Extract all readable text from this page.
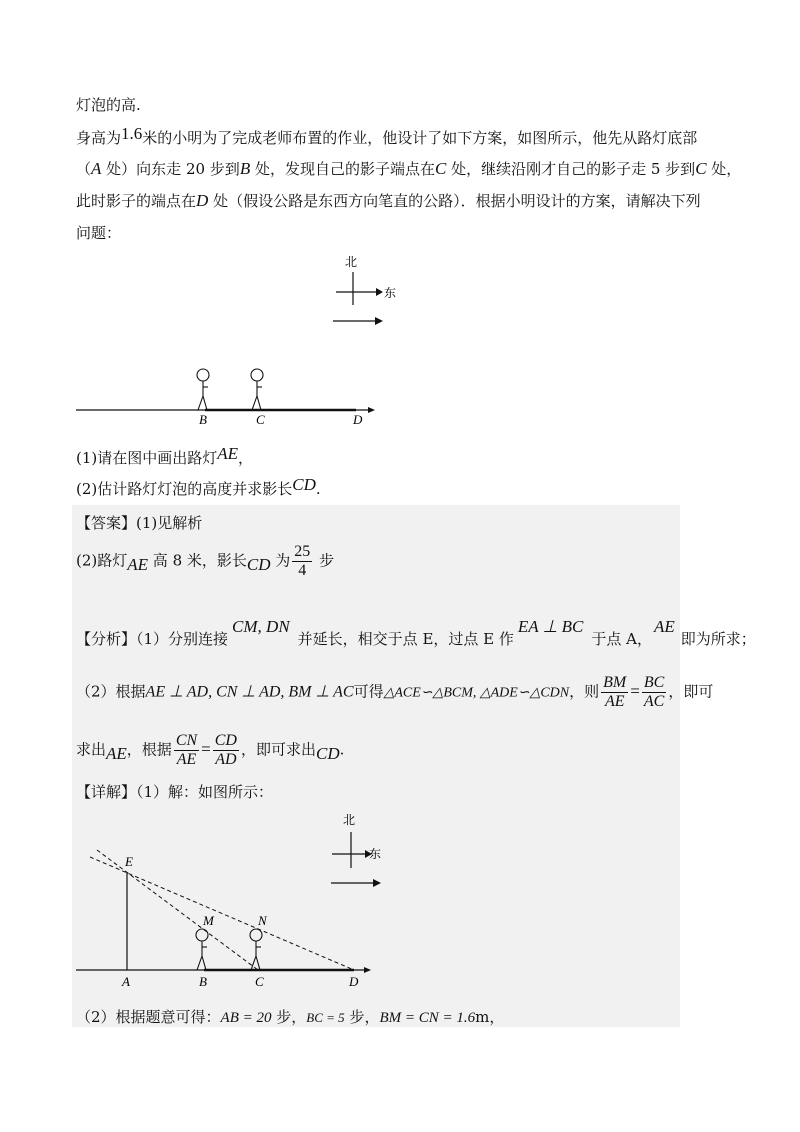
灯泡的高.
身高为1.6米的小明为了完成老师布置的作业，他设计了如下方案，如图所示，他先从路灯底部
（A 处）向东走 20 步到B 处，发现自己的影子端点在C 处，继续沿刚才自己的影子走 5 步到C 处，
此时影子的端点在D 处（假设公路是东西方向笔直的公路）．根据小明设计的方案，请解决下列
问题：
北
东
B	C	D
(1)请在图中画出路灯AE，
(2)估计路灯灯泡的高度并求影长CD.
【答案】(1)见解析
(2)路灯AE 高 8 米，影长CD 为 $\frac{25}{4}$ 步
【分析】（1）分别连接CM, DN并延长，相交于点 E，过点 E 作EA ⊥ BC于点 A，AE即为所求；
（2）根据AE ⊥ AD, CN ⊥ AD, BM ⊥ AC可得△ACE∽△BCM, △ADE∽△CDN，则 $\frac{BM}{AE} = \frac{BC}{AC}$ ，即可
求出AE，根据 $\frac{CN}{AE} = \frac{CD}{AD}$ ，即可求出CD.
【详解】（1）解：如图所示：
北
东
E
M	N
A	B	C	D
（2）根据题意可得：AB = 20 步，BC = 5 步，BM = CN = 1.6m，
